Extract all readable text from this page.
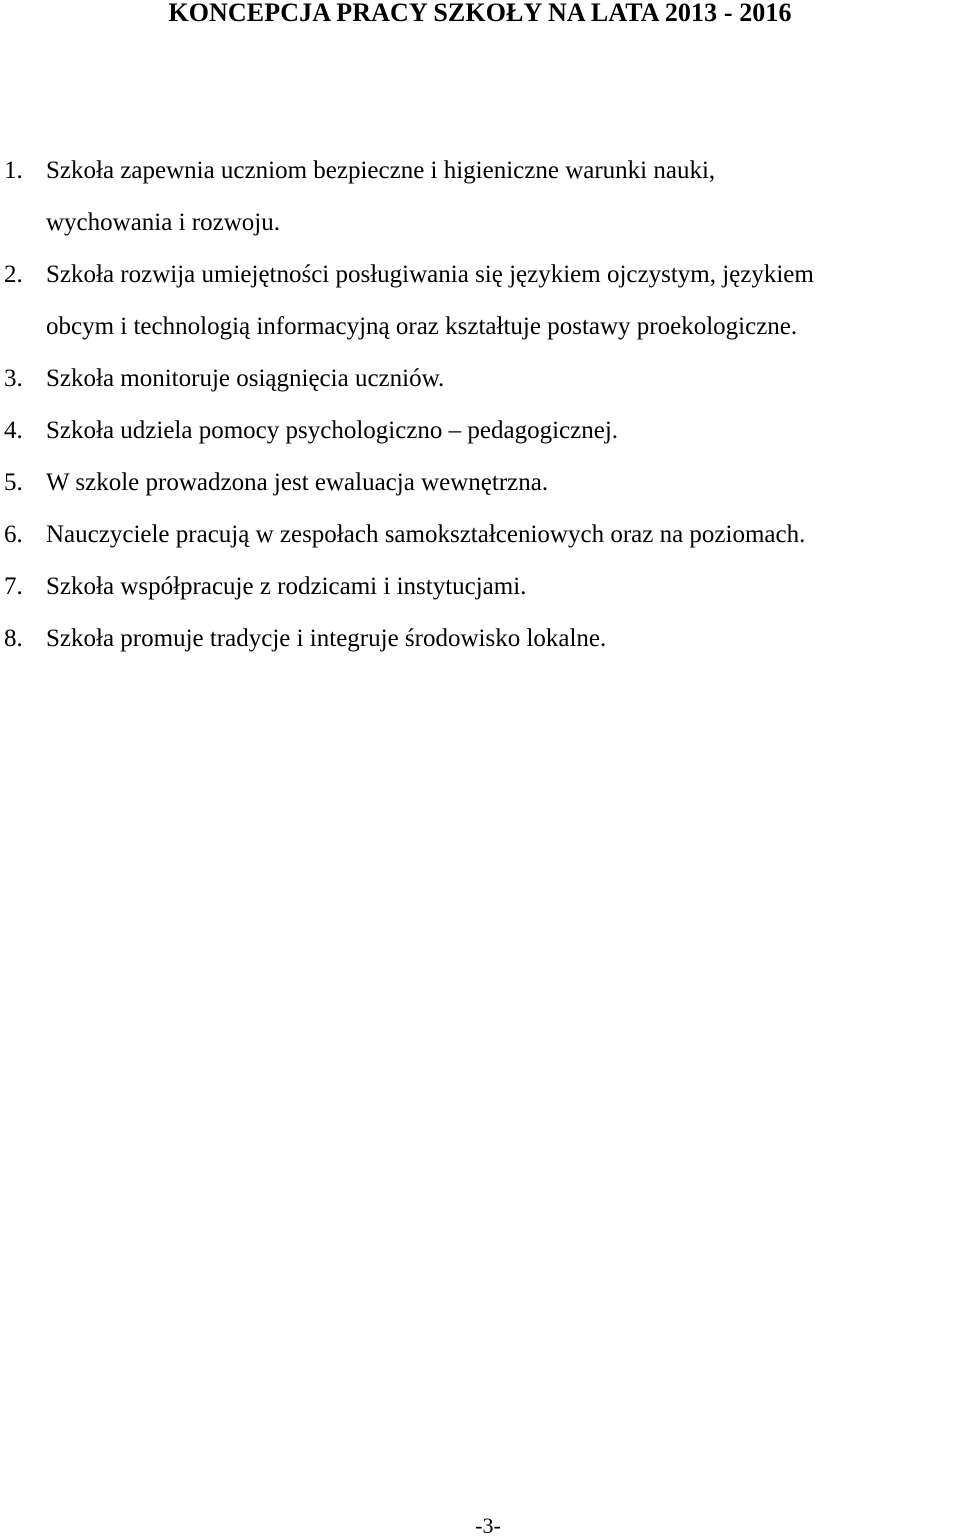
KONCEPCJA PRACY SZKOŁY NA LATA 2013 - 2016
1. Szkoła zapewnia uczniom bezpieczne i higieniczne warunki nauki,
wychowania i rozwoju.
2. Szkoła rozwija umiejętności posługiwania się językiem ojczystym, językiem
obcym i technologią informacyjną oraz kształtuje postawy proekologiczne.
3. Szkoła monitoruje osiągnięcia uczniów.
4. Szkoła udziela pomocy psychologiczno – pedagogicznej.
5. W szkole prowadzona jest ewaluacja wewnętrzna.
6. Nauczyciele pracują w zespołach samokształceniowych oraz na poziomach.
7. Szkoła współpracuje z rodzicami i instytucjami.
8. Szkoła promuje tradycje i integruje środowisko lokalne.
-3-
